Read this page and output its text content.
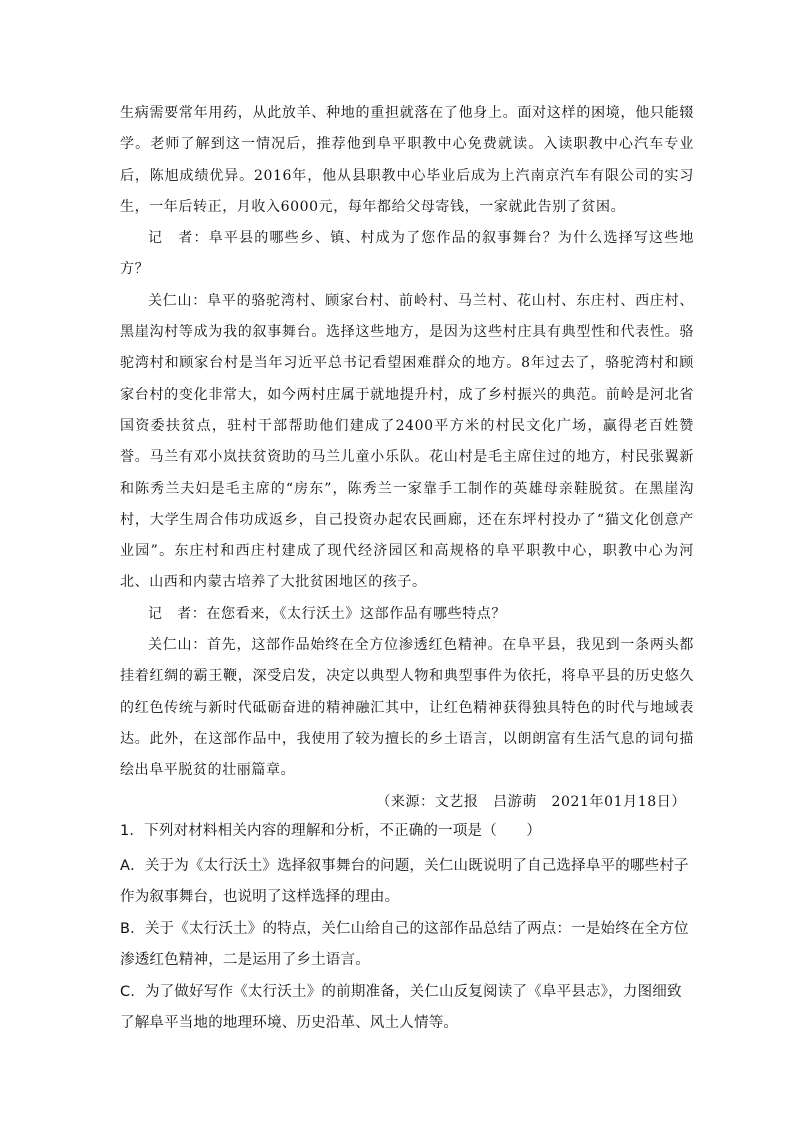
生病需要常年用药，从此放羊、种地的重担就落在了他身上。面对这样的困境，他只能辍学。老师了解到这一情况后，推荐他到阜平职教中心免费就读。入读职教中心汽车专业后，陈旭成绩优异。2016年，他从县职教中心毕业后成为上汽南京汽车有限公司的实习生，一年后转正，月收入6000元，每年都给父母寄钱，一家就此告别了贫困。

记　者：阜平县的哪些乡、镇、村成为了您作品的叙事舞台？为什么选择写这些地方？

关仁山：阜平的骆驼湾村、顾家台村、前岭村、马兰村、花山村、东庄村、西庄村、黑崖沟村等成为我的叙事舞台。选择这些地方，是因为这些村庄具有典型性和代表性。骆驼湾村和顾家台村是当年习近平总书记看望困难群众的地方。8年过去了，骆驼湾村和顾家台村的变化非常大，如今两村庄属于就地提升村，成了乡村振兴的典范。前岭是河北省国资委扶贫点，驻村干部帮助他们建成了2400平方米的村民文化广场，赢得老百姓赞誉。马兰有邓小岚扶贫资助的马兰儿童小乐队。花山村是毛主席住过的地方，村民张翼新和陈秀兰夫妇是毛主席的“房东”，陈秀兰一家靠手工制作的英雄母亲鞋脱贫。在黑崖沟村，大学生周合伟功成返乡，自己投资办起农民画廊，还在东坪村投办了“猫文化创意产业园”。东庄村和西庄村建成了现代经济园区和高规格的阜平职教中心，职教中心为河北、山西和内蒙古培养了大批贫困地区的孩子。

记　者：在您看来，《太行沃土》这部作品有哪些特点？

关仁山：首先，这部作品始终在全方位渗透红色精神。在阜平县，我见到一条两头都挂着红绸的霸王鞭，深受启发，决定以典型人物和典型事件为依托，将阜平县的历史悠久的红色传统与新时代砥砺奋进的精神融汇其中，让红色精神获得独具特色的时代与地域表达。此外，在这部作品中，我使用了较为擅长的乡土语言，以朗朗富有生活气息的词句描绘出阜平脱贫的壮丽篇章。

（来源：文艺报　吕游萌　2021年01月18日）

1．下列对材料相关内容的理解和分析，不正确的一项是（　　）

A．关于为《太行沃土》选择叙事舞台的问题，关仁山既说明了自己选择阜平的哪些村子作为叙事舞台，也说明了这样选择的理由。

B．关于《太行沃土》的特点，关仁山给自己的这部作品总结了两点：一是始终在全方位渗透红色精神，二是运用了乡土语言。

C．为了做好写作《太行沃土》的前期准备，关仁山反复阅读了《阜平县志》，力图细致了解阜平当地的地理环境、历史沿革、风土人情等。
